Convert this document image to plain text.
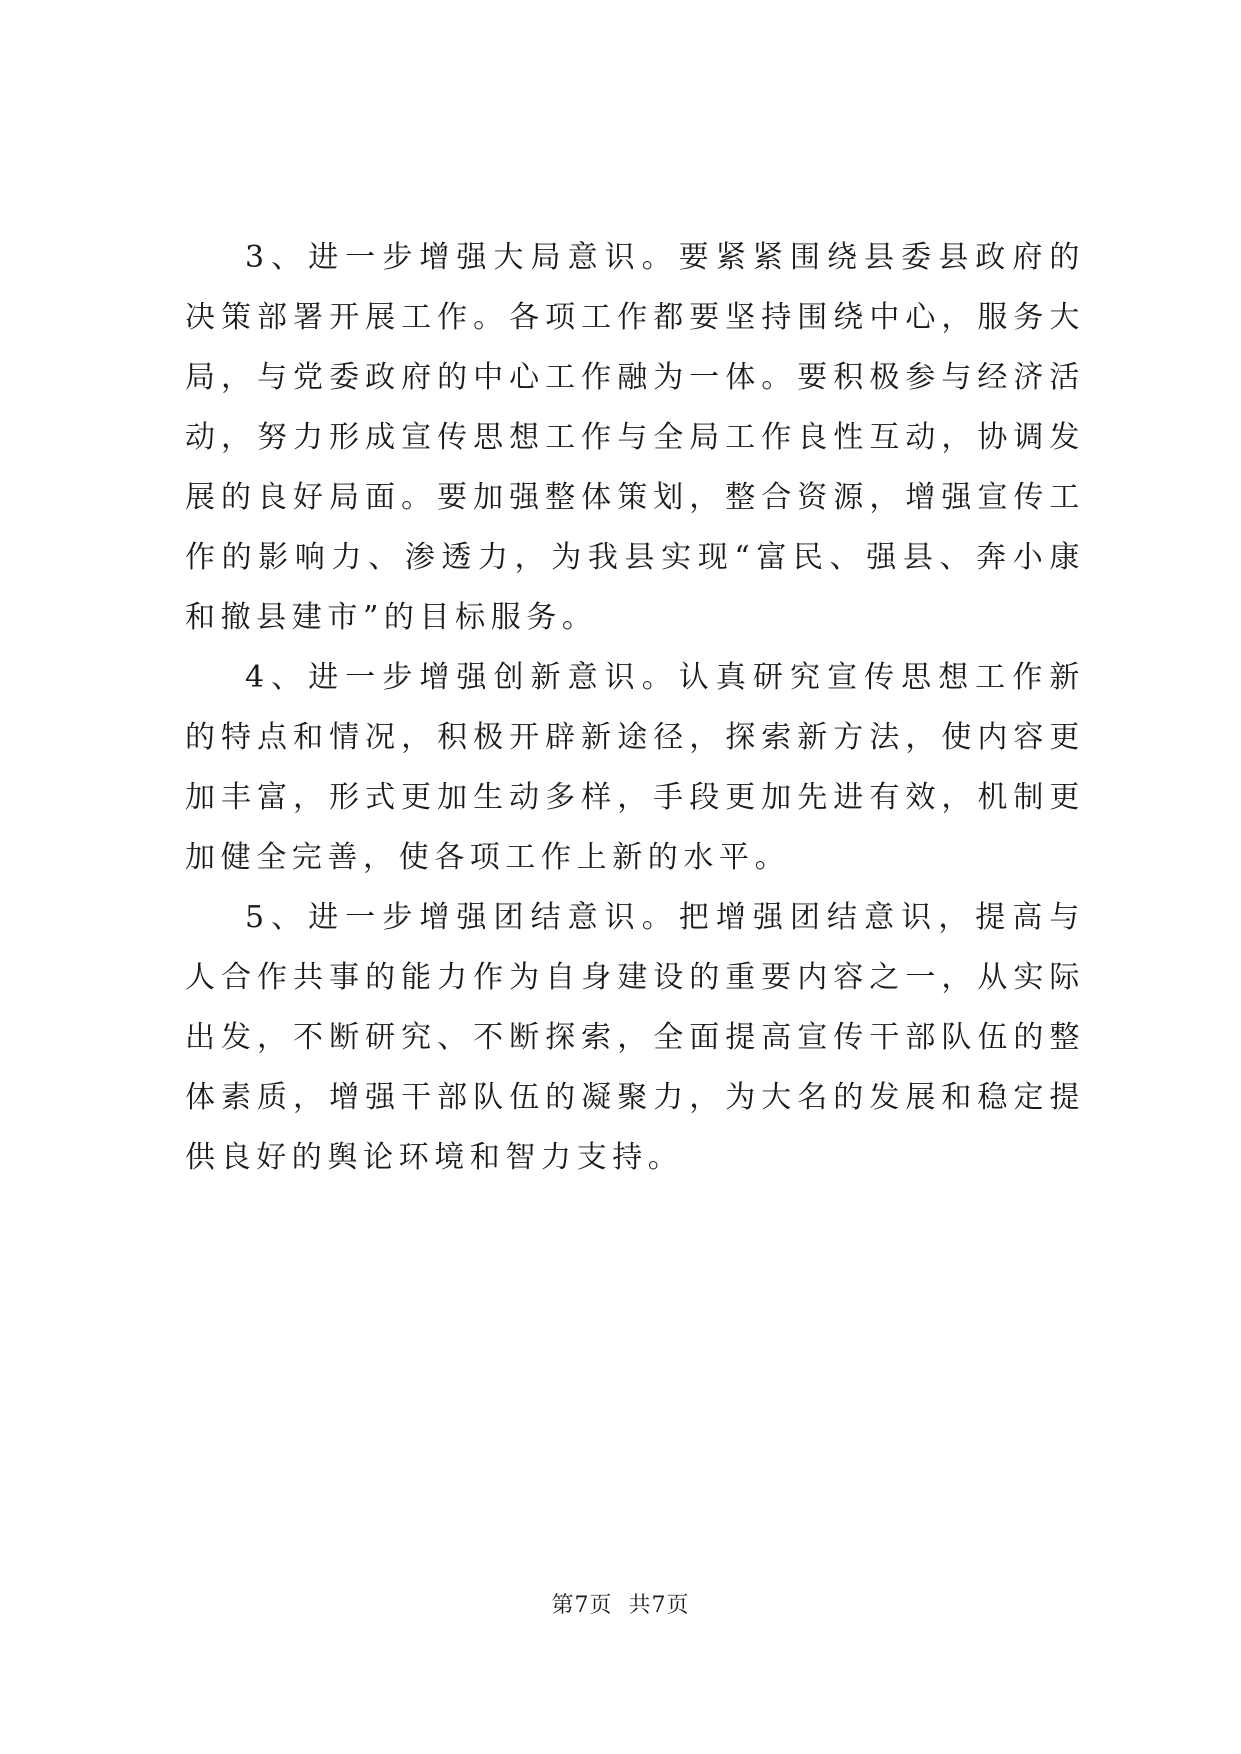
3、进一步增强大局意识。要紧紧围绕县委县政府的决策部署开展工作。各项工作都要坚持围绕中心，服务大局，与党委政府的中心工作融为一体。要积极参与经济活动，努力形成宣传思想工作与全局工作良性互动，协调发展的良好局面。要加强整体策划，整合资源，增强宣传工作的影响力、渗透力，为我县实现“富民、强县、奔小康和撤县建市”的目标服务。

4、进一步增强创新意识。认真研究宣传思想工作新的特点和情况，积极开辟新途径，探索新方法，使内容更加丰富，形式更加生动多样，手段更加先进有效，机制更加健全完善，使各项工作上新的水平。

5、进一步增强团结意识。把增强团结意识，提高与人合作共事的能力作为自身建设的重要内容之一，从实际出发，不断研究、不断探索，全面提高宣传干部队伍的整体素质，增强干部队伍的凝聚力，为大名的发展和稳定提供良好的舆论环境和智力支持。

第7页 共7页
